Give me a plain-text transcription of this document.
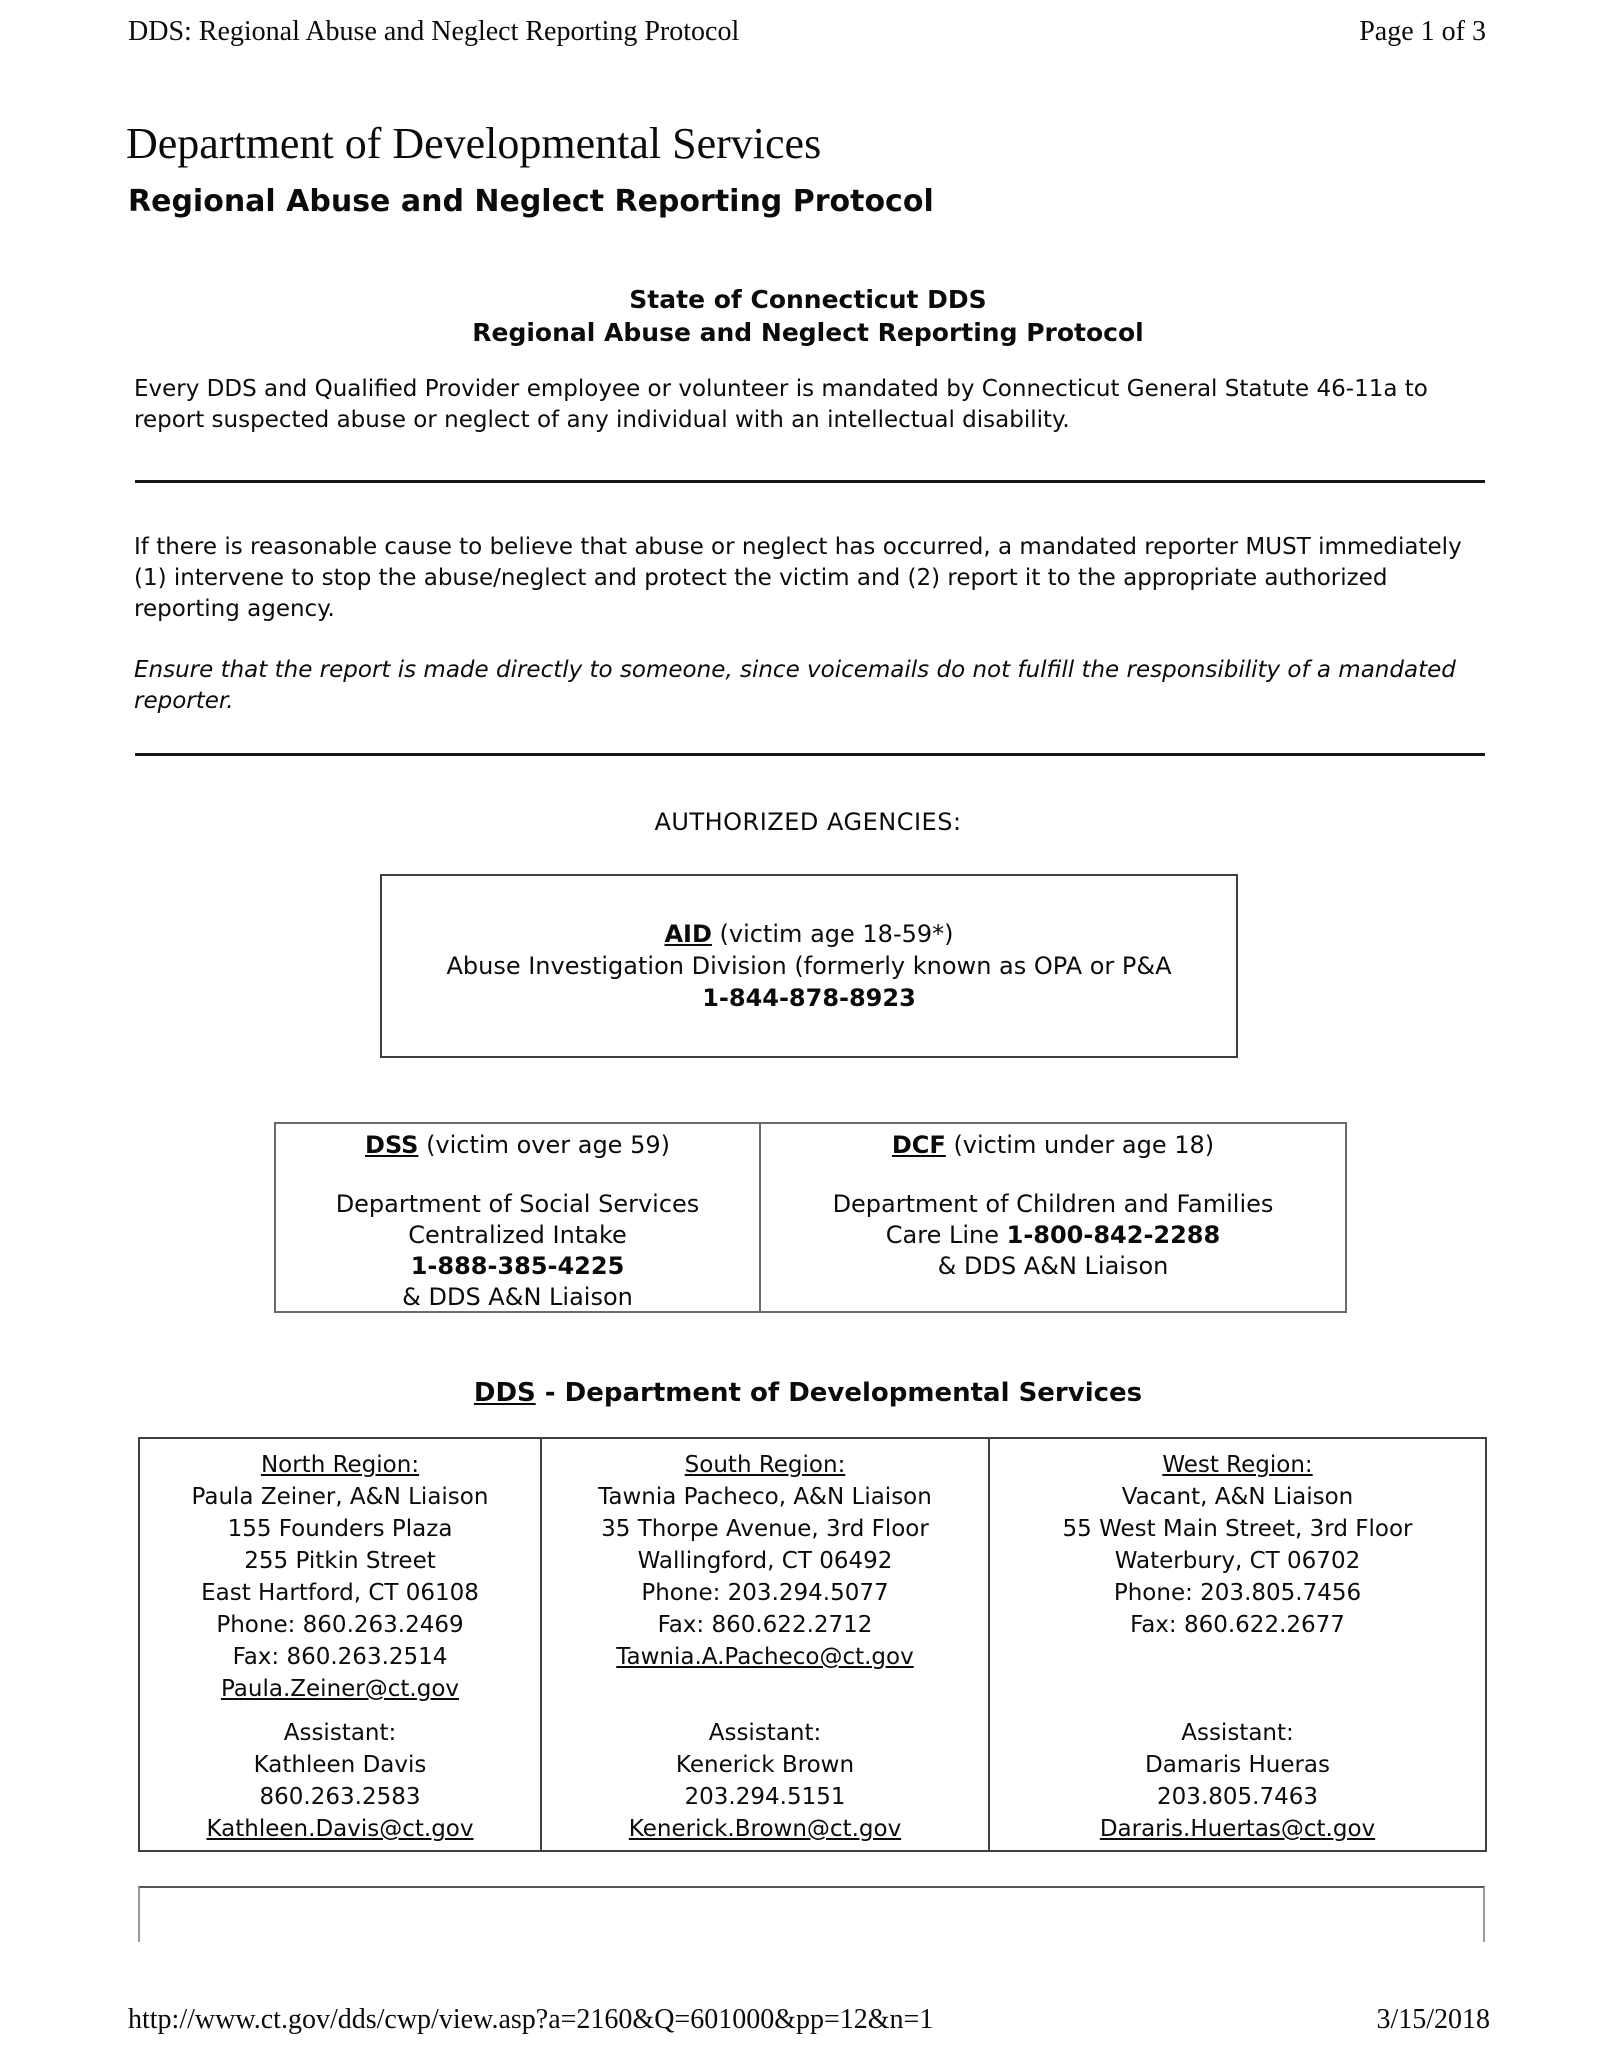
DDS: Regional Abuse and Neglect Reporting Protocol	Page 1 of 3
Department of Developmental Services
Regional Abuse and Neglect Reporting Protocol
State of Connecticut DDS
Regional Abuse and Neglect Reporting Protocol

Every DDS and Qualified Provider employee or volunteer is mandated by Connecticut General Statute 46-11a to report suspected abuse or neglect of any individual with an intellectual disability.

If there is reasonable cause to believe that abuse or neglect has occurred, a mandated reporter MUST immediately (1) intervene to stop the abuse/neglect and protect the victim and (2) report it to the appropriate authorized reporting agency.

Ensure that the report is made directly to someone, since voicemails do not fulfill the responsibility of a mandated reporter.

AUTHORIZED AGENCIES:
AID (victim age 18-59*)
Abuse Investigation Division (formerly known as OPA or P&A
1-844-878-8923
DSS (victim over age 59)
Department of Social Services
Centralized Intake
1-888-385-4225
& DDS A&N Liaison
DCF (victim under age 18)
Department of Children and Families
Care Line 1-800-842-2288
& DDS A&N Liaison
DDS - Department of Developmental Services
North Region:
Paula Zeiner, A&N Liaison
155 Founders Plaza
255 Pitkin Street
East Hartford, CT 06108
Phone: 860.263.2469
Fax: 860.263.2514
Paula.Zeiner@ct.gov
Assistant:
Kathleen Davis
860.263.2583
Kathleen.Davis@ct.gov
South Region:
Tawnia Pacheco, A&N Liaison
35 Thorpe Avenue, 3rd Floor
Wallingford, CT 06492
Phone: 203.294.5077
Fax: 860.622.2712
Tawnia.A.Pacheco@ct.gov
Assistant:
Kenerick Brown
203.294.5151
Kenerick.Brown@ct.gov
West Region:
Vacant, A&N Liaison
55 West Main Street, 3rd Floor
Waterbury, CT 06702
Phone: 203.805.7456
Fax: 860.622.2677
Assistant:
Damaris Hueras
203.805.7463
Dararis.Huertas@ct.gov
http://www.ct.gov/dds/cwp/view.asp?a=2160&Q=601000&pp=12&n=1	3/15/2018
